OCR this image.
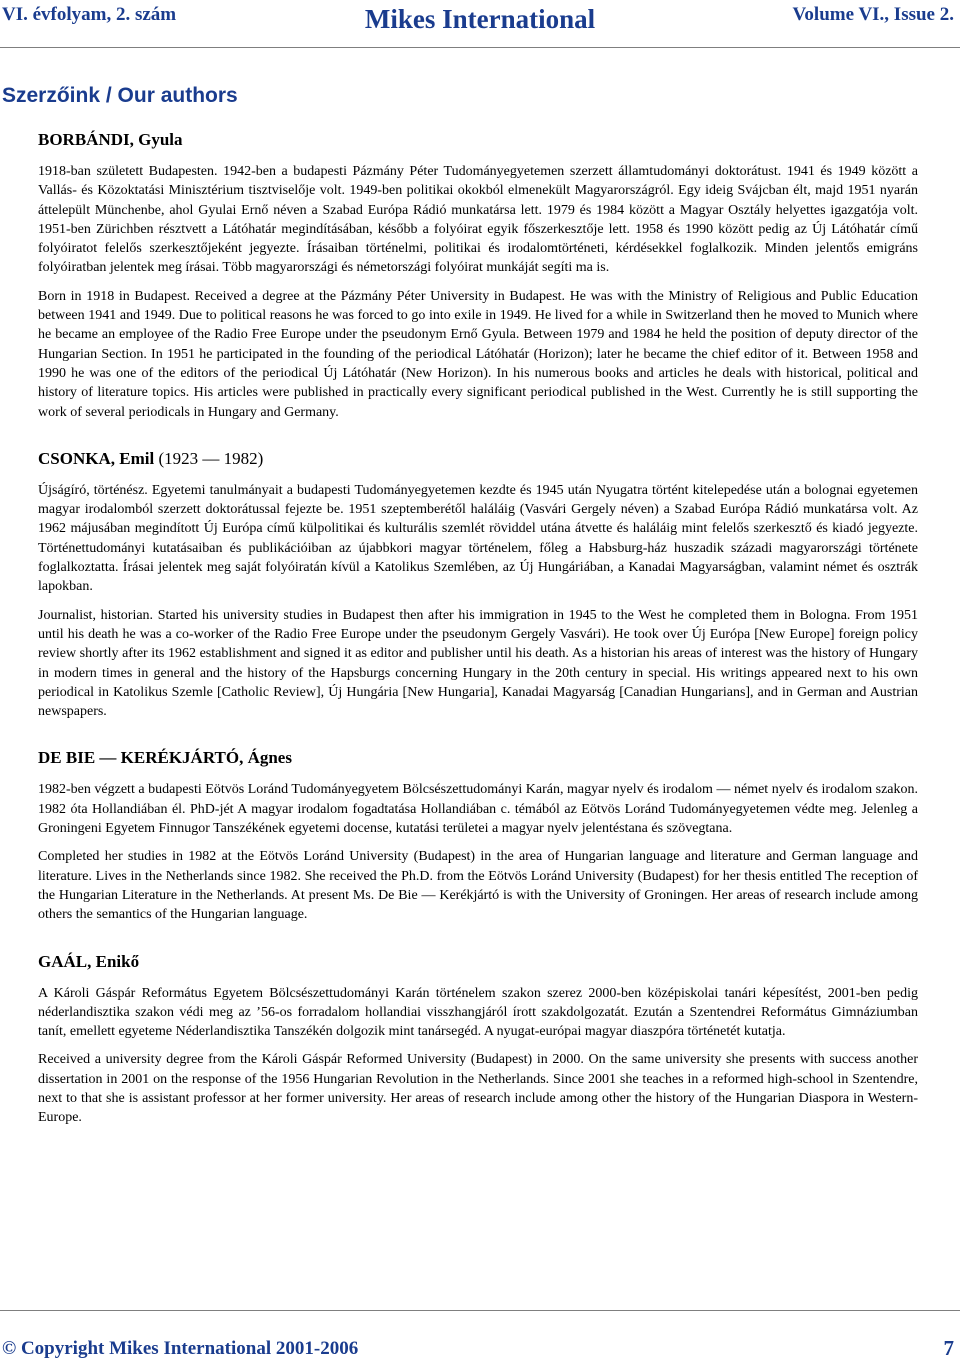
VI. évfolyam, 2. szám	Mikes International	Volume VI., Issue 2.
Szerzőink / Our authors
BORBÁNDI, Gyula

1918-ban született Budapesten. 1942-ben a budapesti Pázmány Péter Tudományegyetemen szerzett államtudományi doktorátust. 1941 és 1949 között a Vallás- és Közoktatási Minisztérium tisztviselője volt. 1949-ben politikai okokból elmenekült Magyarországról. Egy ideig Svájcban élt, majd 1951 nyarán áttelepült Münchenbe, ahol Gyulai Ernő néven a Szabad Európa Rádió munkatársa lett. 1979 és 1984 között a Magyar Osztály helyettes igazgatója volt. 1951-ben Zürichben résztvett a Látóhatár megindításában, később a folyóirat egyik főszerkesztője lett. 1958 és 1990 között pedig az Új Látóhatár című folyóiratot felelős szerkesztőjeként jegyezte. Írásaiban történelmi, politikai és irodalomtörténeti, kérdésekkel foglalkozik. Minden jelentős emigráns folyóiratban jelentek meg írásai. Több magyarországi és németországi folyóirat munkáját segíti ma is.

Born in 1918 in Budapest. Received a degree at the Pázmány Péter University in Budapest. He was with the Ministry of Religious and Public Education between 1941 and 1949. Due to political reasons he was forced to go into exile in 1949. He lived for a while in Switzerland then he moved to Munich where he became an employee of the Radio Free Europe under the pseudonym Ernő Gyula. Between 1979 and 1984 he held the position of deputy director of the Hungarian Section. In 1951 he participated in the founding of the periodical Látóhatár (Horizon); later he became the chief editor of it. Between 1958 and 1990 he was one of the editors of the periodical Új Látóhatár (New Horizon). In his numerous books and articles he deals with historical, political and history of literature topics. His articles were published in practically every significant periodical published in the West. Currently he is still supporting the work of several periodicals in Hungary and Germany.

CSONKA, Emil (1923 — 1982)

Újságíró, történész. Egyetemi tanulmányait a budapesti Tudományegyetemen kezdte és 1945 után Nyugatra történt kitelepedése után a bolognai egyetemen magyar irodalomból szerzett doktorátussal fejezte be. 1951 szeptemberétől haláláig (Vasvári Gergely néven) a Szabad Európa Rádió munkatársa volt. Az 1962 májusában megindított Új Európa című külpolitikai és kulturális szemlét röviddel utána átvette és haláláig mint felelős szerkesztő és kiadó jegyezte. Történettudományi kutatásaiban és publikációiban az újabbkori magyar történelem, főleg a Habsburg-ház huszadik századi magyarországi története foglalkoztatta. Írásai jelentek meg saját folyóiratán kívül a Katolikus Szemlében, az Új Hungáriában, a Kanadai Magyarságban, valamint német és osztrák lapokban.

Journalist, historian. Started his university studies in Budapest then after his immigration in 1945 to the West he completed them in Bologna. From 1951 until his death he was a co-worker of the Radio Free Europe under the pseudonym Gergely Vasvári). He took over Új Európa [New Europe] foreign policy review shortly after its 1962 establishment and signed it as editor and publisher until his death. As a historian his areas of interest was the history of Hungary in modern times in general and the history of the Hapsburgs concerning Hungary in the 20th century in special. His writings appeared next to his own periodical in Katolikus Szemle [Catholic Review], Új Hungária [New Hungaria], Kanadai Magyarság [Canadian Hungarians], and in German and Austrian newspapers.

DE BIE — KERÉKJÁRTÓ, Ágnes

1982-ben végzett a budapesti Eötvös Loránd Tudományegyetem Bölcsészettudományi Karán, magyar nyelv és irodalom — német nyelv és irodalom szakon. 1982 óta Hollandiában él. PhD-jét A magyar irodalom fogadtatása Hollandiában c. témából az Eötvös Loránd Tudományegyetemen védte meg. Jelenleg a Groningeni Egyetem Finnugor Tanszékének egyetemi docense, kutatási területei a magyar nyelv jelentéstana és szövegtana.

Completed her studies in 1982 at the Eötvös Loránd University (Budapest) in the area of Hungarian language and literature and German language and literature. Lives in the Netherlands since 1982. She received the Ph.D. from the Eötvös Loránd University (Budapest) for her thesis entitled The reception of the Hungarian Literature in the Netherlands. At present Ms. De Bie — Kerékjártó is with the University of Groningen. Her areas of research include among others the semantics of the Hungarian language.

GAÁL, Enikő

A Károli Gáspár Református Egyetem Bölcsészettudományi Karán történelem szakon szerez 2000-ben középiskolai tanári képesítést, 2001-ben pedig néderlandisztika szakon védi meg az ’56-os forradalom hollandiai visszhangjáról írott szakdolgozatát. Ezután a Szentendrei Református Gimnáziumban tanít, emellett egyeteme Néderlandisztika Tanszékén dolgozik mint tanársegéd. A nyugat-európai magyar diaszpóra történetét kutatja.

Received a university degree from the Károli Gáspár Reformed University (Budapest) in 2000. On the same university she presents with success another dissertation in 2001 on the response of the 1956 Hungarian Revolution in the Netherlands. Since 2001 she teaches in a reformed high-school in Szentendre, next to that she is assistant professor at her former university. Her areas of research include among other the history of the Hungarian Diaspora in Western-Europe.

© Copyright Mikes International 2001-2006	7
